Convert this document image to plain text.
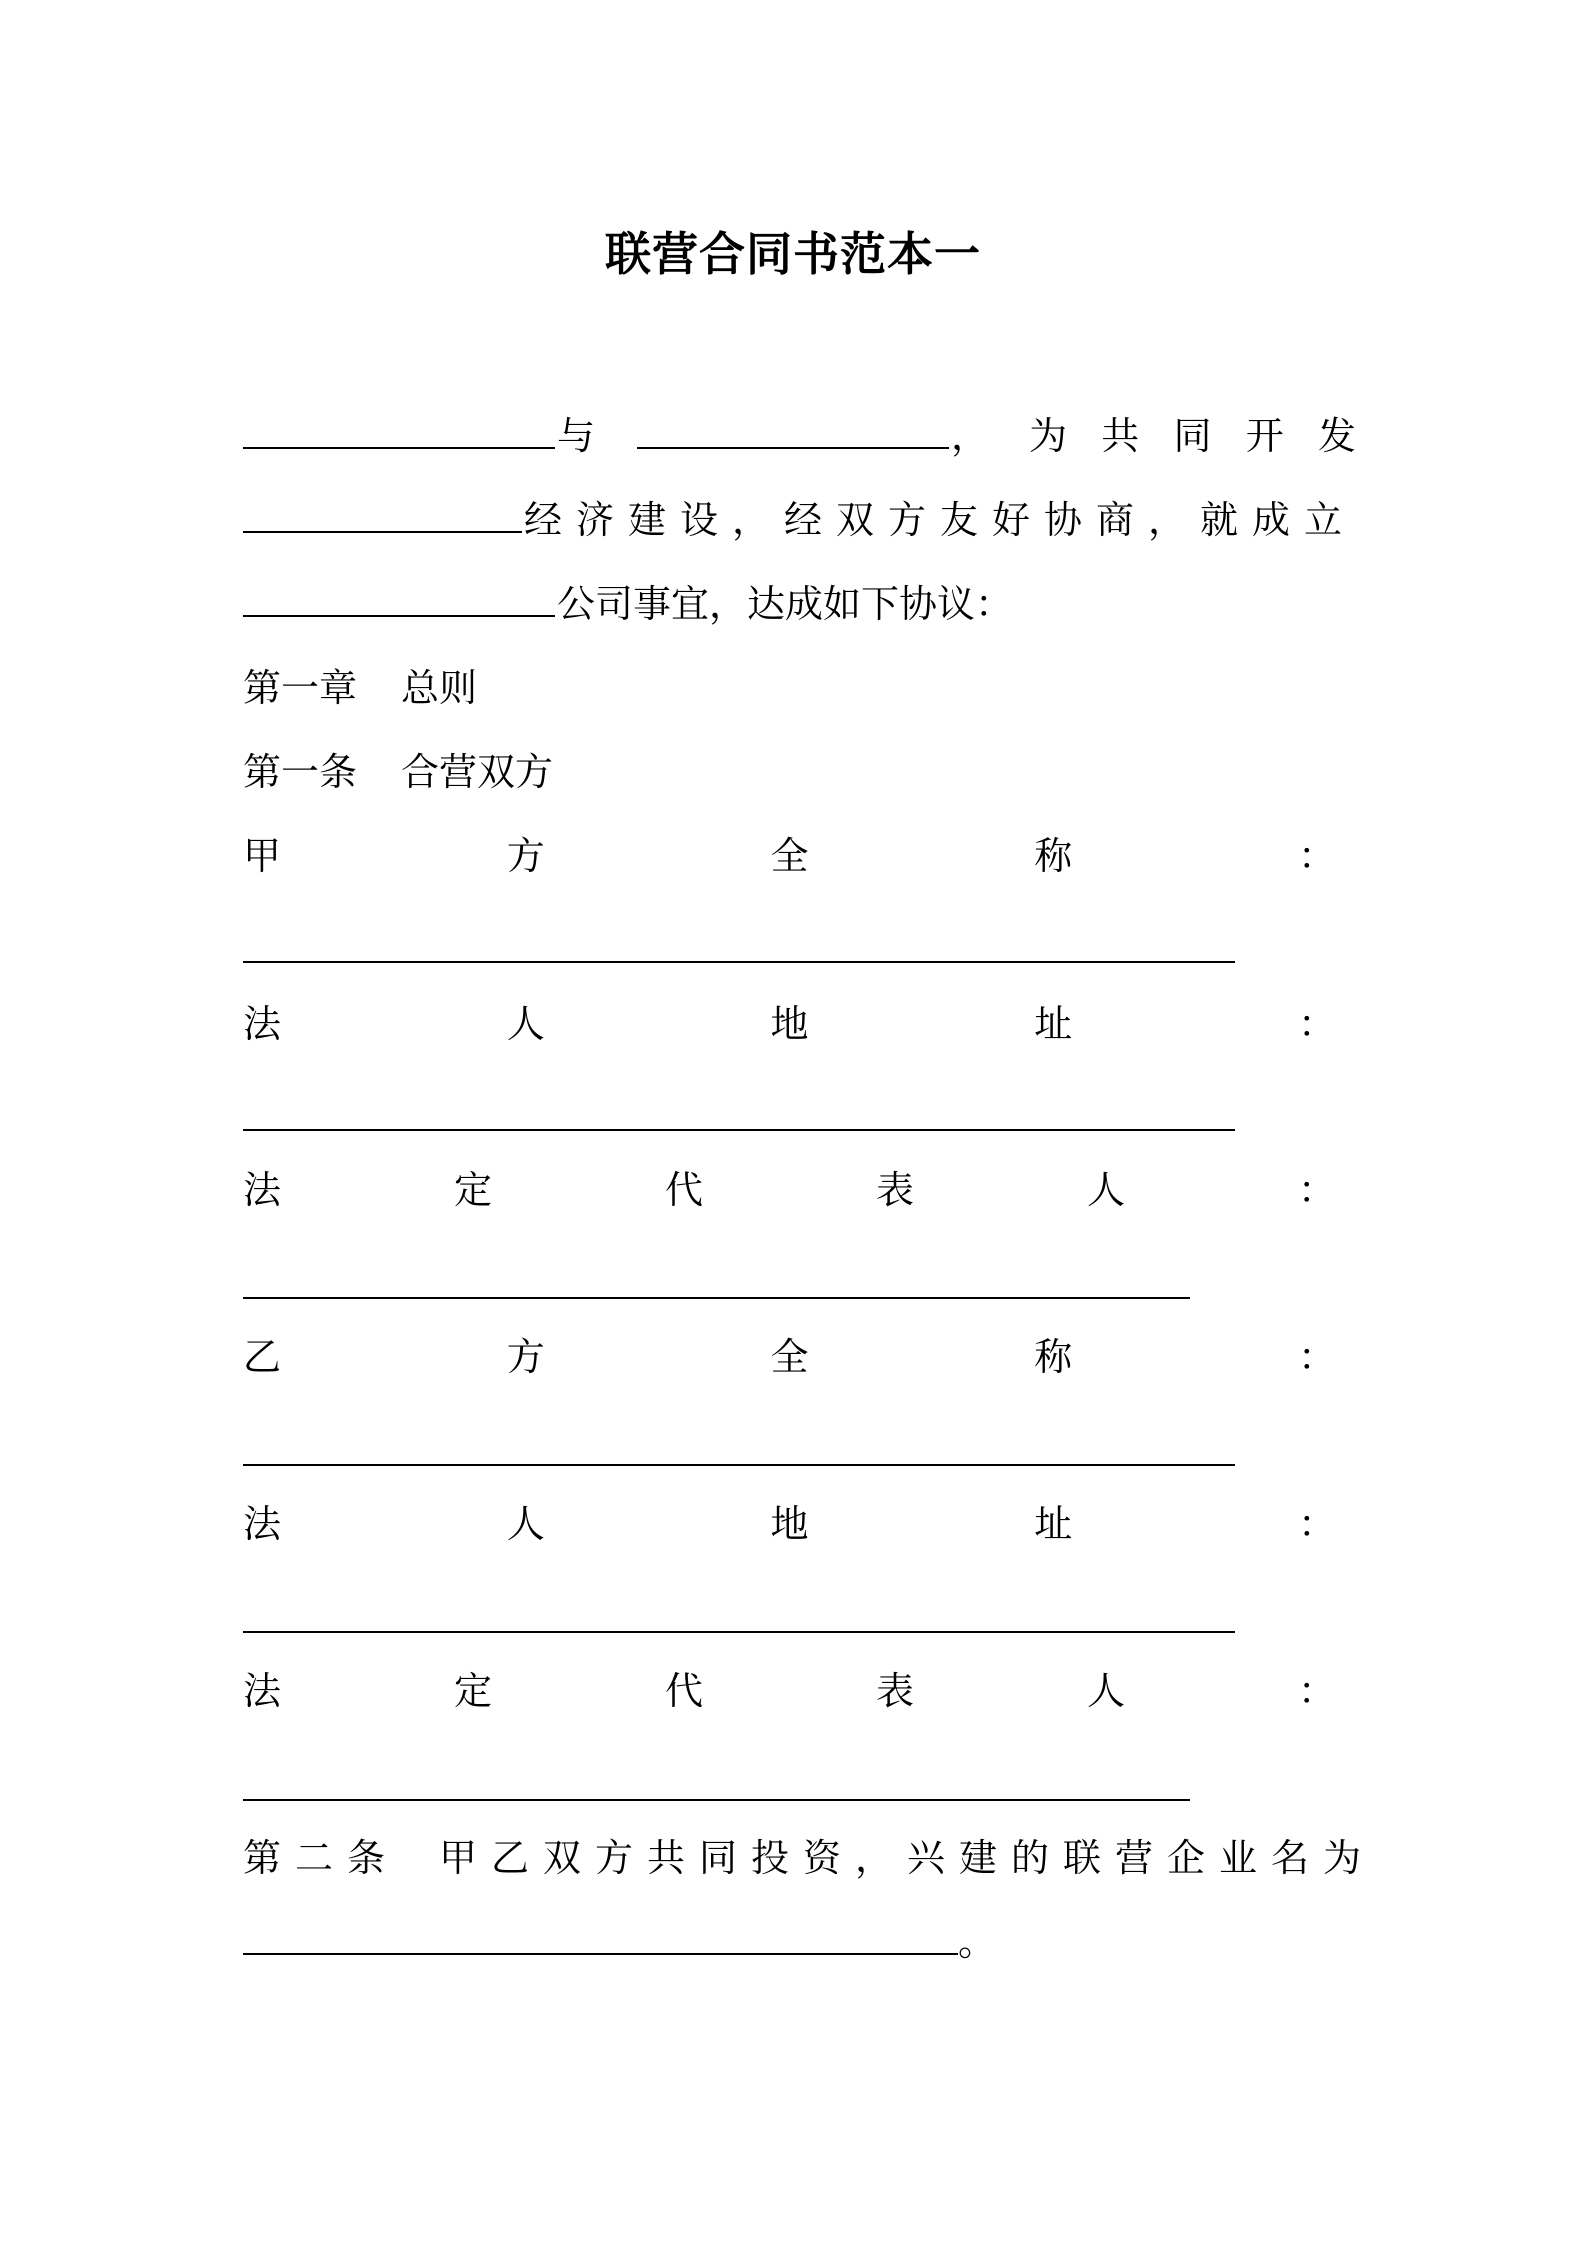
联营合同书范本一
与	， 为 共 同 开 发
经济建设，经双方友好协商，就成立
公司事宜，达成如下协议：
第一章 总则
第一条 合营双方
甲	方	全	称	：
法	人	地	址	：
法	定	代	表	人	：
乙	方	全	称	：
法	人	地	址	：
法	定	代	表	人	：
第二条 甲乙双方共同投资，兴建的联营企业名为
。
